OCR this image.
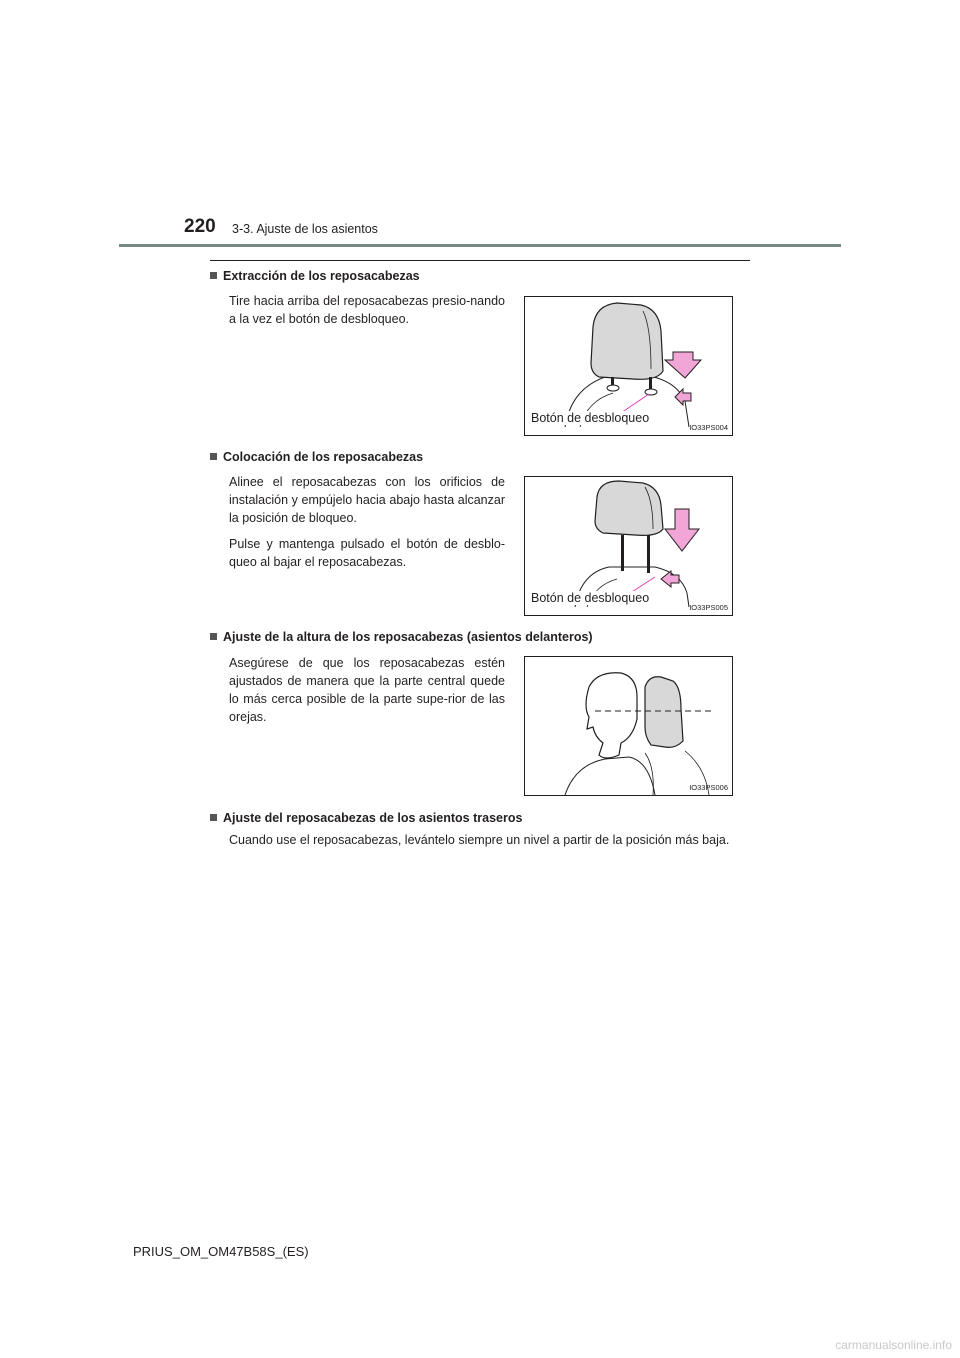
220 3-3. Ajuste de los asientos
Extracción de los reposacabezas
Tire hacia arriba del reposacabezas presio-nando a la vez el botón de desbloqueo.
Botón de desbloqueo
IO33PS004
Colocación de los reposacabezas
Alinee el reposacabezas con los orificios de instalación y empújelo hacia abajo hasta alcanzar la posición de bloqueo.
Pulse y mantenga pulsado el botón de desblo-queo al bajar el reposacabezas.
Botón de desbloqueo
IO33PS005
Ajuste de la altura de los reposacabezas (asientos delanteros)
Asegúrese de que los reposacabezas estén ajustados de manera que la parte central quede lo más cerca posible de la parte supe-rior de las orejas.
IO33PS006
Ajuste del reposacabezas de los asientos traseros
Cuando use el reposacabezas, levántelo siempre un nivel a partir de la posición más baja.
PRIUS_OM_OM47B58S_(ES)
carmanualsonline.info
